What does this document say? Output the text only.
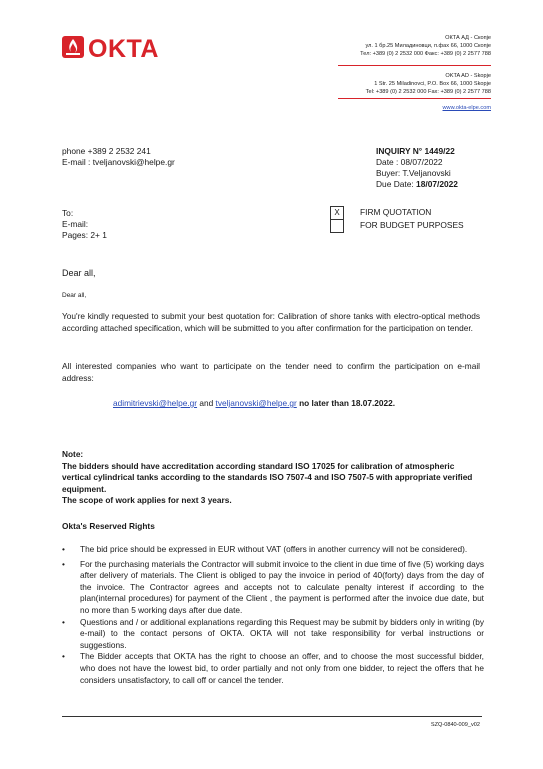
OKTA	ОКТА АД - Скопје
ул. 1 бр.25 Миладиновци, п.фах 66, 1000 Скопје
Тел: +389 (0) 2 2532 000 Факс: +389 (0) 2 2577 788
OKTA AD - Skopje
1 Str. 25 Miladinovci, P.O. Box 66, 1000 Skopje
Tel: +389 (0) 2 2532 000 Fax: +389 (0) 2 2577 788
www.okta-elpe.com
phone +389 2 2532 241
E-mail : tveljanovski@helpe.gr
INQUIRY N° 1449/22
Date : 08/07/2022
Buyer: T.Veljanovski
Due Date: 18/07/2022
To:
E-mail:
Pages: 2+ 1
X	FIRM QUOTATION
FOR BUDGET PURPOSES
Dear all,
Dear all,
You're kindly requested to submit your best quotation for: Calibration of shore tanks with electro-optical methods according attached specification, which will be submitted to you after confirmation for the participation on tender.
All interested companies who want to participate on the tender need to confirm the participation on e-mail address:
adimitrievski@helpe.gr and tveljanovski@helpe.gr no later than 18.07.2022.
Note:
The bidders should have accreditation according standard ISO 17025 for calibration of atmospheric vertical cylindrical tanks according to the standards ISO 7507-4 and ISO 7507-5 with appropriate verified equipment.
The scope of work applies for next 3 years.
Okta's Reserved Rights
• The bid price should be expressed in EUR without VAT (offers in another currency will not be considered).
• For the purchasing materials the Contractor will submit invoice to the client in due time of five (5) working days after delivery of materials. The Client is obliged to pay the invoice in period of 40(forty) days from the day of the invoice. The Contractor agrees and accepts not to calculate penalty interest if according to the plan(internal procedures) for payment of the Client , the payment is performed after the invoice due date, but no more than 5 working days after due date.
• Questions and / or additional explanations regarding this Request may be submit by bidders only in writing (by e-mail) to the contact persons of OKTA. OKTA will not take responsibility for verbal instructions or suggestions.
• The Bidder accepts that OKTA has the right to choose an offer, and to choose the most successful bidder, who does not have the lowest bid, to order partially and not only from one bidder, to reject the offers that he considers unsatisfactory, to call off or cancel the tender.
SZQ-0840-009_v02
